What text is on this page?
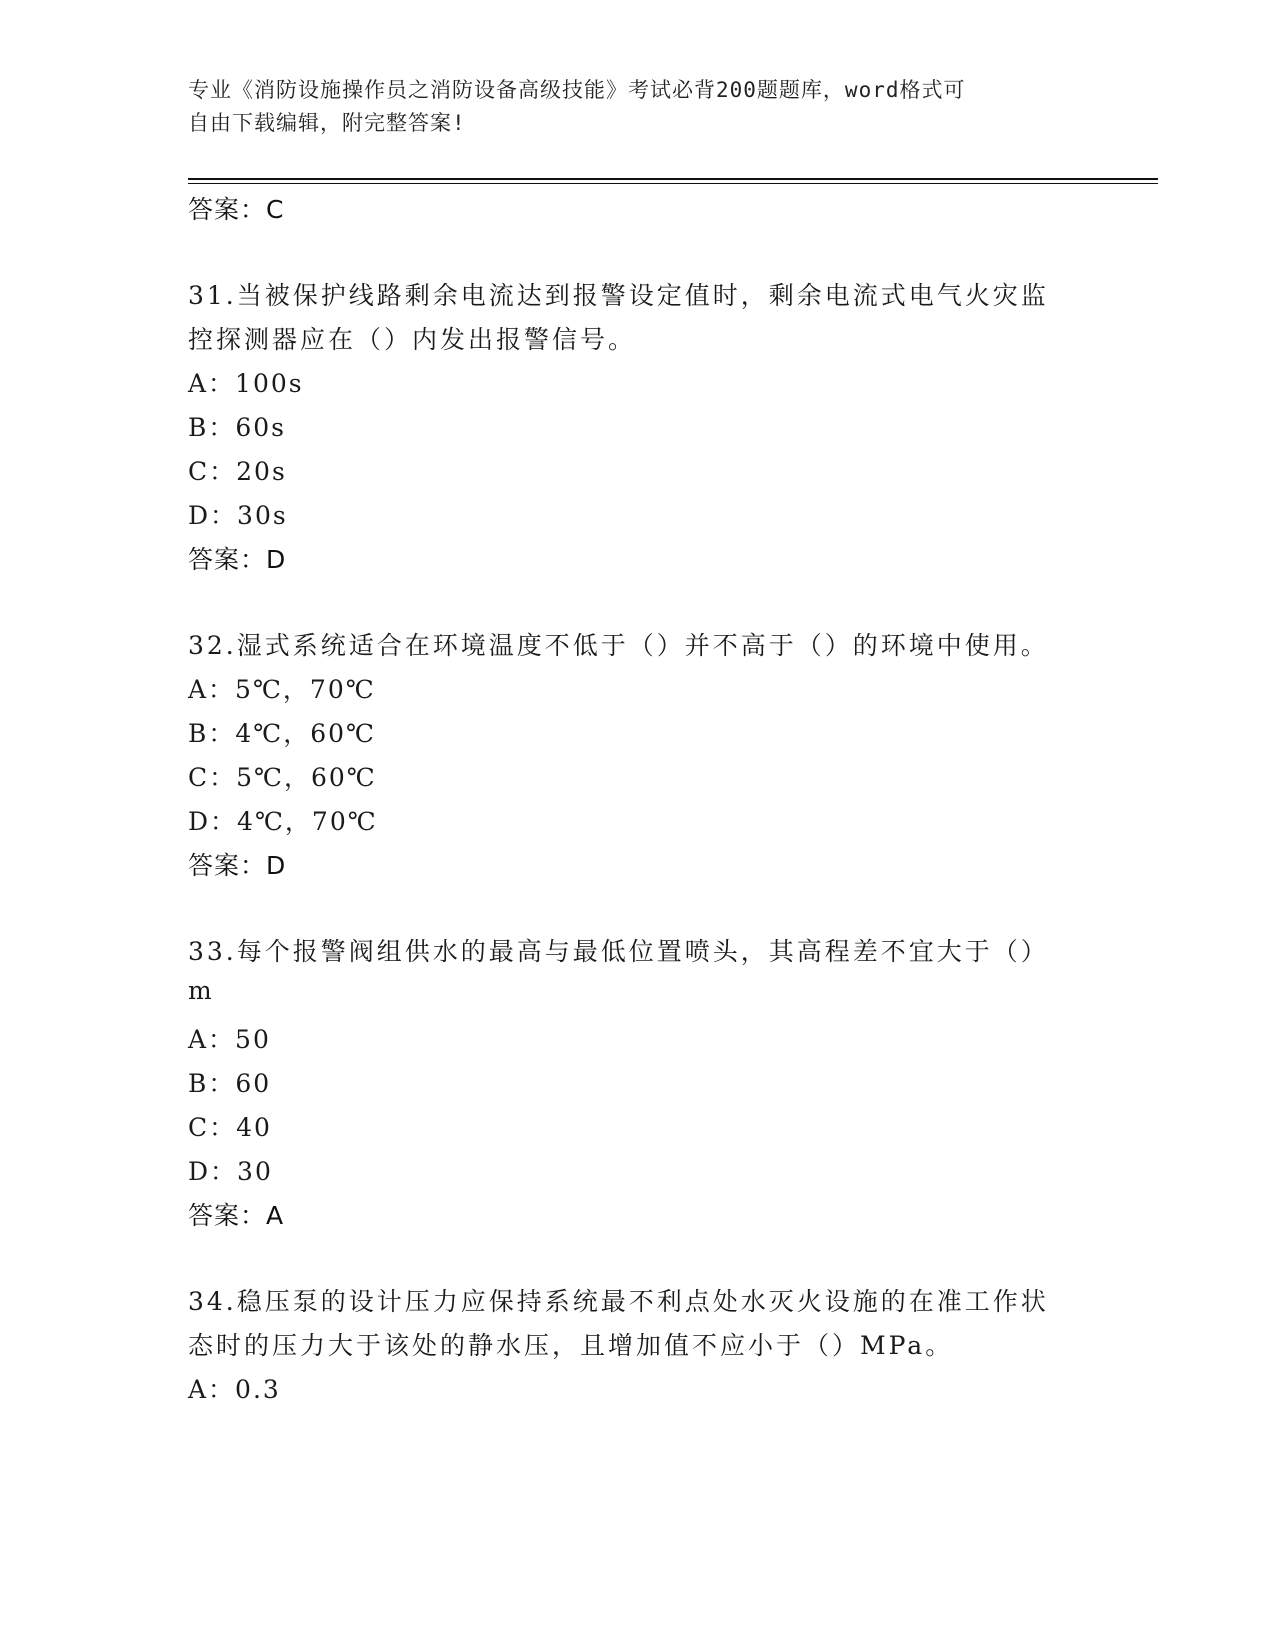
专业《消防设施操作员之消防设备高级技能》考试必背200题题库，word格式可
自由下载编辑，附完整答案!
答案：C
31.当被保护线路剩余电流达到报警设定值时，剩余电流式电气火灾监
控探测器应在（）内发出报警信号。
A：100s
B：60s
C：20s
D：30s
答案：D
32.湿式系统适合在环境温度不低于（）并不高于（）的环境中使用。
A：5℃，70℃
B：4℃，60℃
C：5℃，60℃
D：4℃，70℃
答案：D
33.每个报警阀组供水的最高与最低位置喷头，其高程差不宜大于（）
m
A：50
B：60
C：40
D：30
答案：A
34.稳压泵的设计压力应保持系统最不利点处水灭火设施的在准工作状
态时的压力大于该处的静水压，且增加值不应小于（）MPa。
A：0.3
